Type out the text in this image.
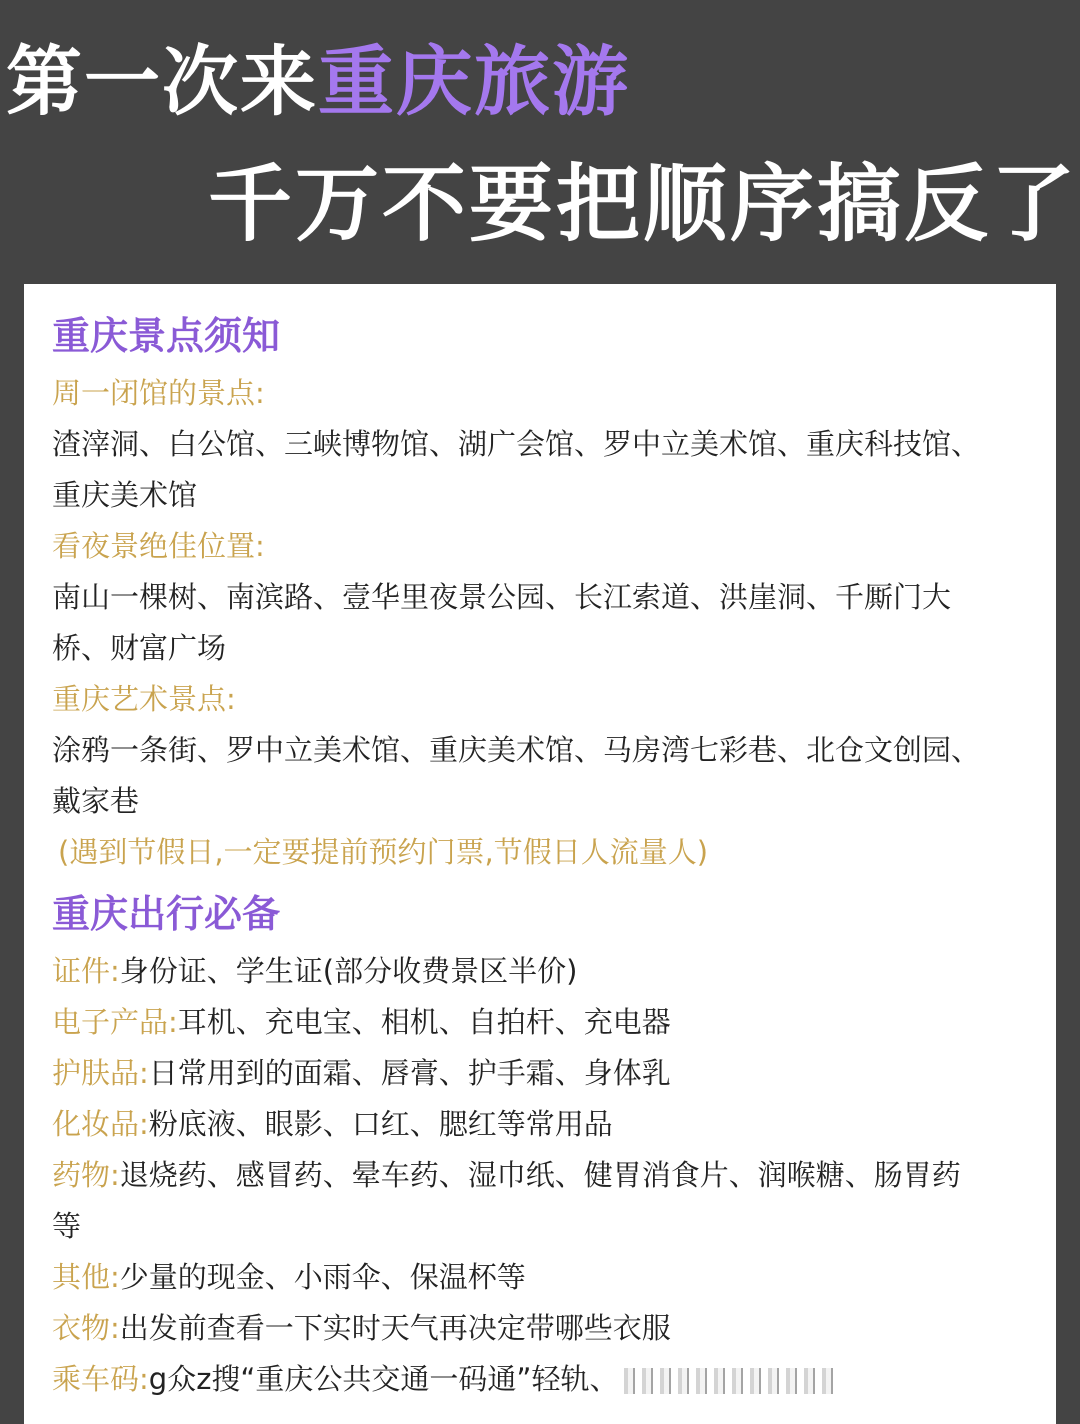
第一次来重庆旅游
千万不要把顺序搞反了
重庆景点须知

周一闭馆的景点:

渣滓洞、白公馆、三峡博物馆、湖广会馆、罗中立美术馆、重庆科技馆、

重庆美术馆

看夜景绝佳位置:

南山一棵树、南滨路、壹华里夜景公园、长江索道、洪崖洞、千厮门大

桥、财富广场

重庆艺术景点:

涂鸦一条街、罗中立美术馆、重庆美术馆、马房湾七彩巷、北仓文创园、

戴家巷

(遇到节假日,一定要提前预约门票,节假日人流量人)

重庆出行必备

证件:身份证、学生证(部分收费景区半价)

电子产品:耳机、充电宝、相机、自拍杆、充电器

护肤品:日常用到的面霜、唇膏、护手霜、身体乳

化妆品:粉底液、眼影、口红、腮红等常用品

药物:退烧药、感冒药、晕车药、湿巾纸、健胃消食片、润喉糖、肠胃药

等

其他:少量的现金、小雨伞、保温杯等

衣物:出发前查看一下实时天气再决定带哪些衣服

乘车码:g众z搜“重庆公共交通一码通”轻轨、
